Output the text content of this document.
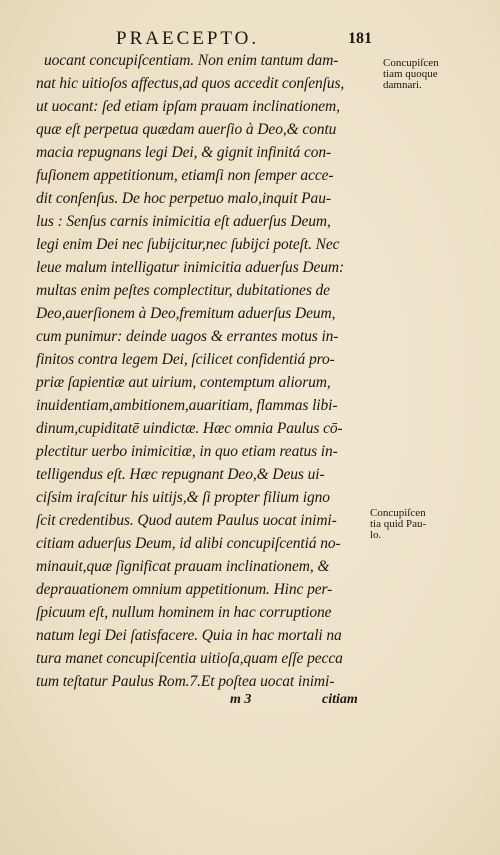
PRAECEPTO.	181
uocant concupiſcentiam. Non enim tantum dam-
nat hic uitioſos affectus,ad quos accedit conſenſus,
ut uocant: ſed etiam ipſam prauam inclinationem,
quæ eſt perpetua quædam auerſio à Deo,& contu
macia repugnans legi Dei, & gignit infinitá con-
fuſionem appetitionum, etiamſi non ſemper acce-
dit conſenſus. De hoc perpetuo malo,inquit Pau-
lus : Senſus carnis inimicitia eſt aduerſus Deum,
legi enim Dei nec ſubijcitur,nec ſubijci poteſt. Nec
leue malum intelligatur inimicitia aduerſus Deum:
multas enim peſtes complectitur, dubitationes de
Deo,auerſionem à Deo,fremitum aduerſus Deum,
cum punimur: deinde uagos & errantes motus in-
finitos contra legem Dei, ſcilicet confidentiá pro-
priæ ſapientiæ aut uirium, contemptum aliorum,
inuidentiam,ambitionem,auaritiam, flammas libi-
dinum,cupiditatē uindictæ. Hæc omnia Paulus cō-
plectitur uerbo inimicitiæ, in quo etiam reatus in-
telligendus eſt. Hæc repugnant Deo,& Deus ui-
ciſsim iraſcitur his uitijs,& ſi propter filium igno
ſcit credentibus. Quod autem Paulus uocat inimi-
citiam aduerſus Deum, id alibi concupiſcentiá no-
minauit,quæ ſignificat prauam inclinationem, &
deprauationem omnium appetitionum. Hinc per-
ſpicuum eſt, nullum hominem in hac corruptione
natum legi Dei ſatisfacere. Quia in hac mortali na
tura manet concupiſcentia uitioſa,quam eſſe pecca
tum teſtatur Paulus Rom.7.Et poſtea uocat inimi-
Concupiſcen
tiam quoque
damnari.
Concupiſcen
tia quid Pau-
lo.
m 3	citiam
